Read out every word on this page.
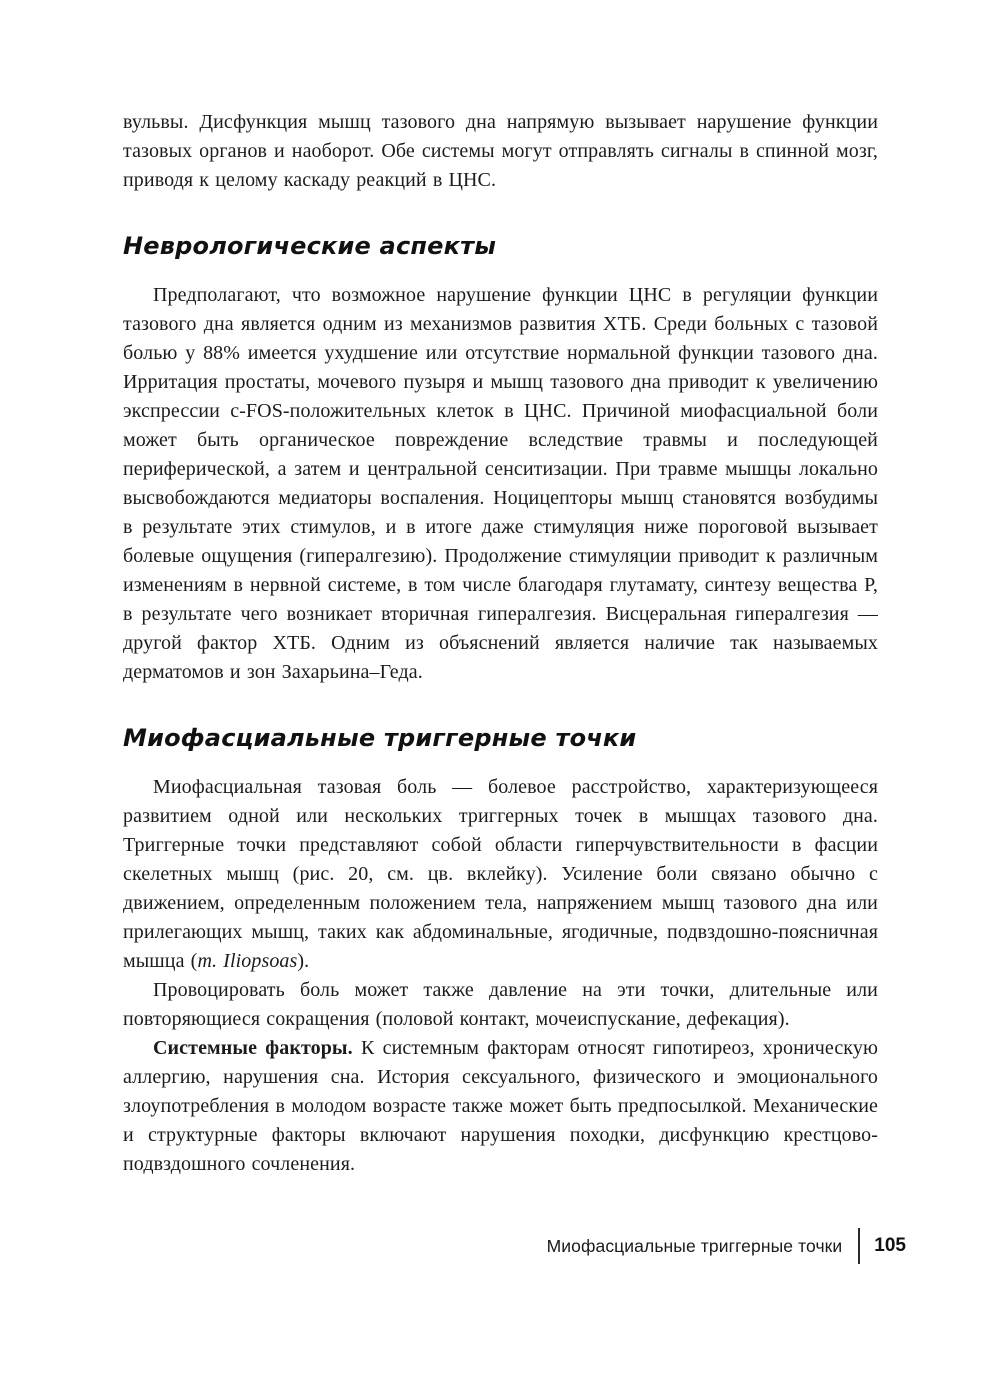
вульвы. Дисфункция мышц тазового дна напрямую вызывает нарушение функции тазовых органов и наоборот. Обе системы могут отправлять сигналы в спинной мозг, приводя к целому каскаду реакций в ЦНС.

Неврологические аспекты

Предполагают, что возможное нарушение функции ЦНС в регуляции функции тазового дна является одним из механизмов развития ХТБ. Среди больных с тазовой болью у 88% имеется ухудшение или отсутствие нормальной функции тазового дна. Ирритация простаты, мочевого пузыря и мышц тазового дна приводит к увеличению экспрессии c-FOS-положительных клеток в ЦНС. Причиной миофасциальной боли может быть органическое повреждение вследствие травмы и последующей периферической, а затем и центральной сенситизации. При травме мышцы локально высвобождаются медиаторы воспаления. Ноцицепторы мышц становятся возбудимы в результате этих стимулов, и в итоге даже стимуляция ниже пороговой вызывает болевые ощущения (гипералгезию). Продолжение стимуляции приводит к различным изменениям в нервной системе, в том числе благодаря глутамату, синтезу вещества Р, в результате чего возникает вторичная гипералгезия. Висцеральная гипералгезия — другой фактор ХТБ. Одним из объяснений является наличие так называемых дерматомов и зон Захарьина–Геда.

Миофасциальные триггерные точки

Миофасциальная тазовая боль — болевое расстройство, характеризующееся развитием одной или нескольких триггерных точек в мышцах тазового дна. Триггерные точки представляют собой области гиперчувствительности в фасции скелетных мышц (рис. 20, см. цв. вклейку). Усиление боли связано обычно с движением, определенным положением тела, напряжением мышц тазового дна или прилегающих мышц, таких как абдоминальные, ягодичные, подвздошно-поясничная мышца (m. Iliopsoas).

Провоцировать боль может также давление на эти точки, длительные или повторяющиеся сокращения (половой контакт, мочеиспускание, дефекация).

Системные факторы. К системным факторам относят гипотиреоз, хроническую аллергию, нарушения сна. История сексуального, физического и эмоционального злоупотребления в молодом возрасте также может быть предпосылкой. Механические и структурные факторы включают нарушения походки, дисфункцию крестцово-подвздошного сочленения.

Миофасциальные триггерные точки 105
